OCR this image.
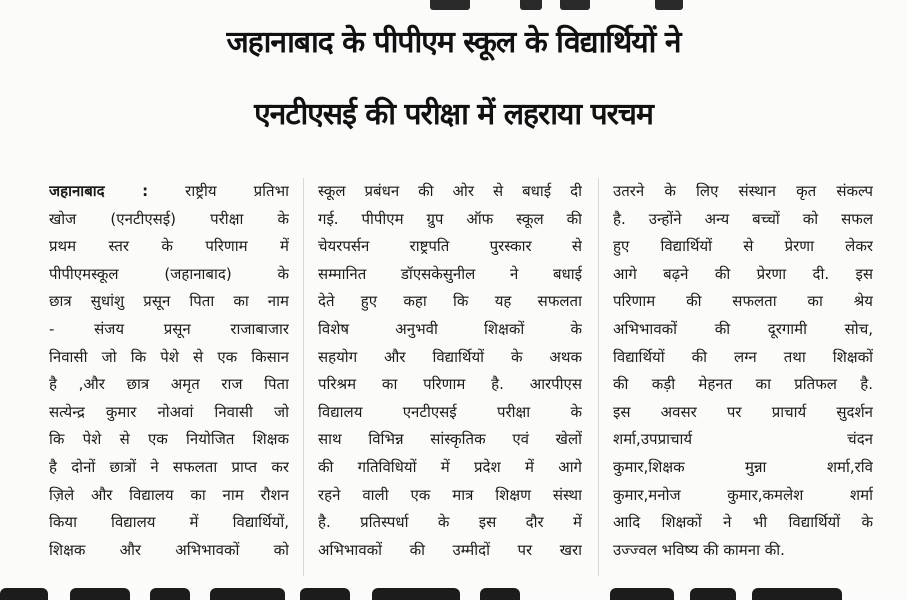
जहानाबाद के पीपीएम स्कूल के विद्यार्थियों ने
एनटीएसई की परीक्षा में लहराया परचम
जहानाबाद : राष्ट्रीय प्रतिभा
खोज (एनटीएसई) परीक्षा के
प्रथम स्तर के परिणाम में
पीपीएमस्कूल (जहानाबाद) के
छात्र सुधांशु प्रसून पिता का नाम
- संजय प्रसून राजाबाजार
निवासी जो कि पेशे से एक किसान
है ,और छात्र अमृत राज पिता
सत्येन्द्र कुमार नोअवां निवासी जो
कि पेशे से एक नियोजित शिक्षक
है दोनों छात्रों ने सफलता प्राप्त कर
ज़िले और विद्यालय का नाम रौशन
किया विद्यालय में विद्यार्थियों,
शिक्षक और अभिभावकों को
स्कूल प्रबंधन की ओर से बधाई दी
गई. पीपीएम ग्रुप ऑफ स्कूल की
चेयरपर्सन राष्ट्रपति पुरस्कार से
सम्मानित डॉएसकेसुनील ने बधाई
देते हुए कहा कि यह सफलता
विशेष अनुभवी शिक्षकों के
सहयोग और विद्यार्थियों के अथक
परिश्रम का परिणाम है. आरपीएस
विद्यालय एनटीएसई परीक्षा के
साथ विभिन्न सांस्कृतिक एवं खेलों
की गतिविधियों में प्रदेश में आगे
रहने वाली एक मात्र शिक्षण संस्था
है. प्रतिस्पर्धा के इस दौर में
अभिभावकों की उम्मीदों पर खरा
उतरने के लिए संस्थान कृत संकल्प
है. उन्होंने अन्य बच्चों को सफल
हुए विद्यार्थियों से प्रेरणा लेकर
आगे बढ़ने की प्रेरणा दी. इस
परिणाम की सफलता का श्रेय
अभिभावकों की दूरगामी सोच,
विद्यार्थियों की लग्न तथा शिक्षकों
की कड़ी मेहनत का प्रतिफल है.
इस अवसर पर प्राचार्य सुदर्शन
शर्मा,उपप्राचार्य चंदन
कुमार,शिक्षक मुन्ना शर्मा,रवि
कुमार,मनोज कुमार,कमलेश शर्मा
आदि शिक्षकों ने भी विद्यार्थियों के
उज्ज्वल भविष्य की कामना की.
